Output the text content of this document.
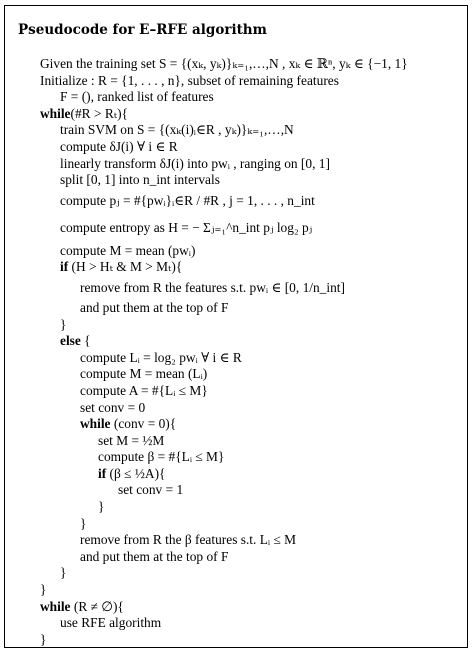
Pseudocode for E–RFE algorithm
Given the training set S = {(xₖ, yₖ)}ₖ₌₁,…,N , xₖ ∈ ℝⁿ, yₖ ∈ {−1, 1}
Initialize : R = {1, . . . , n}, subset of remaining features
F = (), ranked list of features
while(#R > Rₜ){
train SVM on S = {(xₖ(i)ᵢ∈R , yₖ)}ₖ₌₁,…,N
compute δJ(i) ∀ i ∈ R
linearly transform δJ(i) into pwᵢ , ranging on [0, 1]
split [0, 1] into n_int intervals
compute pⱼ = #{pwᵢ}ᵢ∈R / #R , j = 1, . . . , n_int
compute entropy as H = − Σⱼ₌₁^n_int pⱼ log₂ pⱼ
compute M = mean (pwᵢ)
if (H > Hₜ & M > Mₜ){
remove from R the features s.t. pwᵢ ∈ [0, 1/n_int]
and put them at the top of F
}
else {
compute Lᵢ = log₂ pwᵢ ∀ i ∈ R
compute M = mean (Lᵢ)
compute A = #{Lᵢ ≤ M}
set conv = 0
while (conv = 0){
set M = ½M
compute β = #{Lᵢ ≤ M}
if (β ≤ ½A){
set conv = 1
}
}
remove from R the β features s.t. Lᵢ ≤ M
and put them at the top of F
}
}
while (R ≠ ∅){
use RFE algorithm
}
